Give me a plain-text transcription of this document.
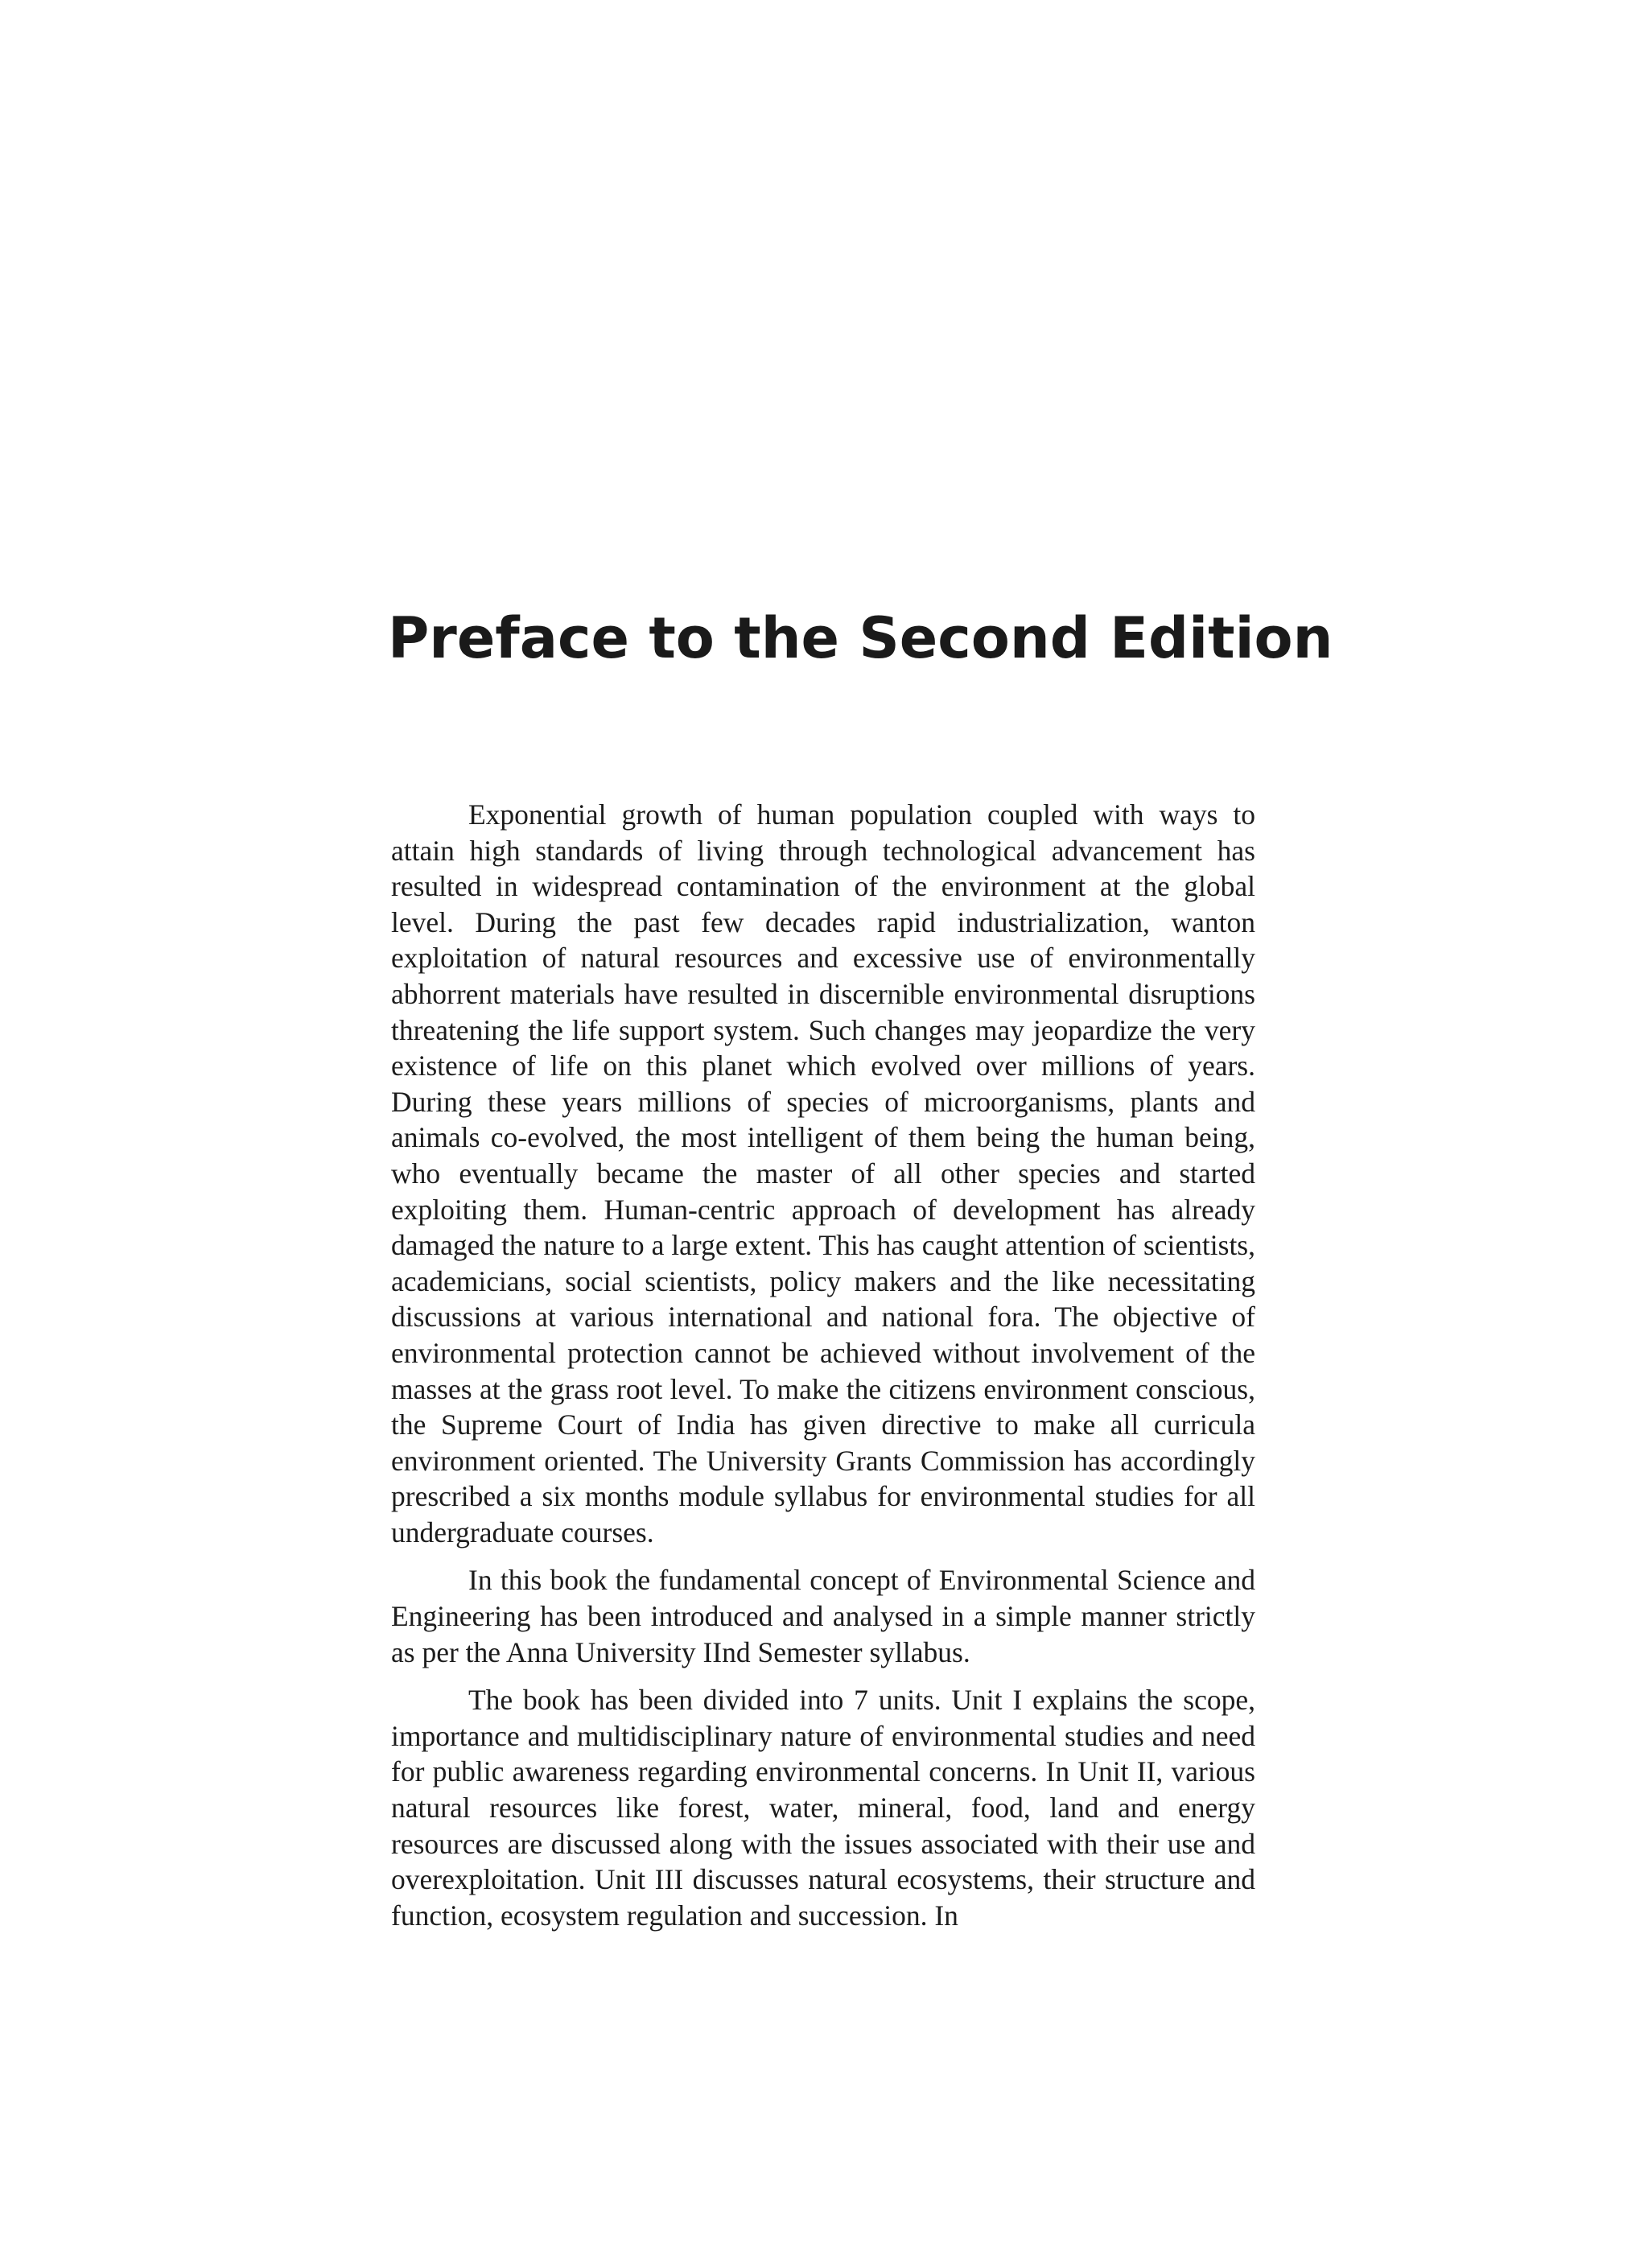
Preface to the Second Edition

Exponential growth of human population coupled with ways to attain high standards of living through technological advancement has resulted in widespread contamination of the environment at the global level. During the past few decades rapid industrialization, wanton exploitation of natural resources and excessive use of environmentally abhorrent materials have resulted in discernible environmental disruptions threatening the life support system. Such changes may jeopardize the very existence of life on this planet which evolved over millions of years. During these years millions of species of microorganisms, plants and animals co-evolved, the most intelligent of them being the human being, who eventually became the master of all other species and started exploiting them. Human-centric approach of development has already damaged the nature to a large extent. This has caught attention of scientists, academicians, social scientists, policy makers and the like necessitating discussions at various international and national fora. The objective of environmental protection cannot be achieved without involvement of the masses at the grass root level. To make the citizens environment conscious, the Supreme Court of India has given directive to make all curricula environment oriented. The University Grants Commission has accordingly prescribed a six months module syllabus for environmental studies for all undergraduate courses.

In this book the fundamental concept of Environmental Science and Engineering has been introduced and analysed in a simple manner strictly as per the Anna University IInd Semester syllabus.

The book has been divided into 7 units. Unit I explains the scope, importance and multidisciplinary nature of environmental studies and need for public awareness regarding environmental concerns. In Unit II, various natural resources like forest, water, mineral, food, land and energy resources are discussed along with the issues associated with their use and overexploitation. Unit III discusses natural ecosystems, their structure and function, ecosystem regulation and succession. In
